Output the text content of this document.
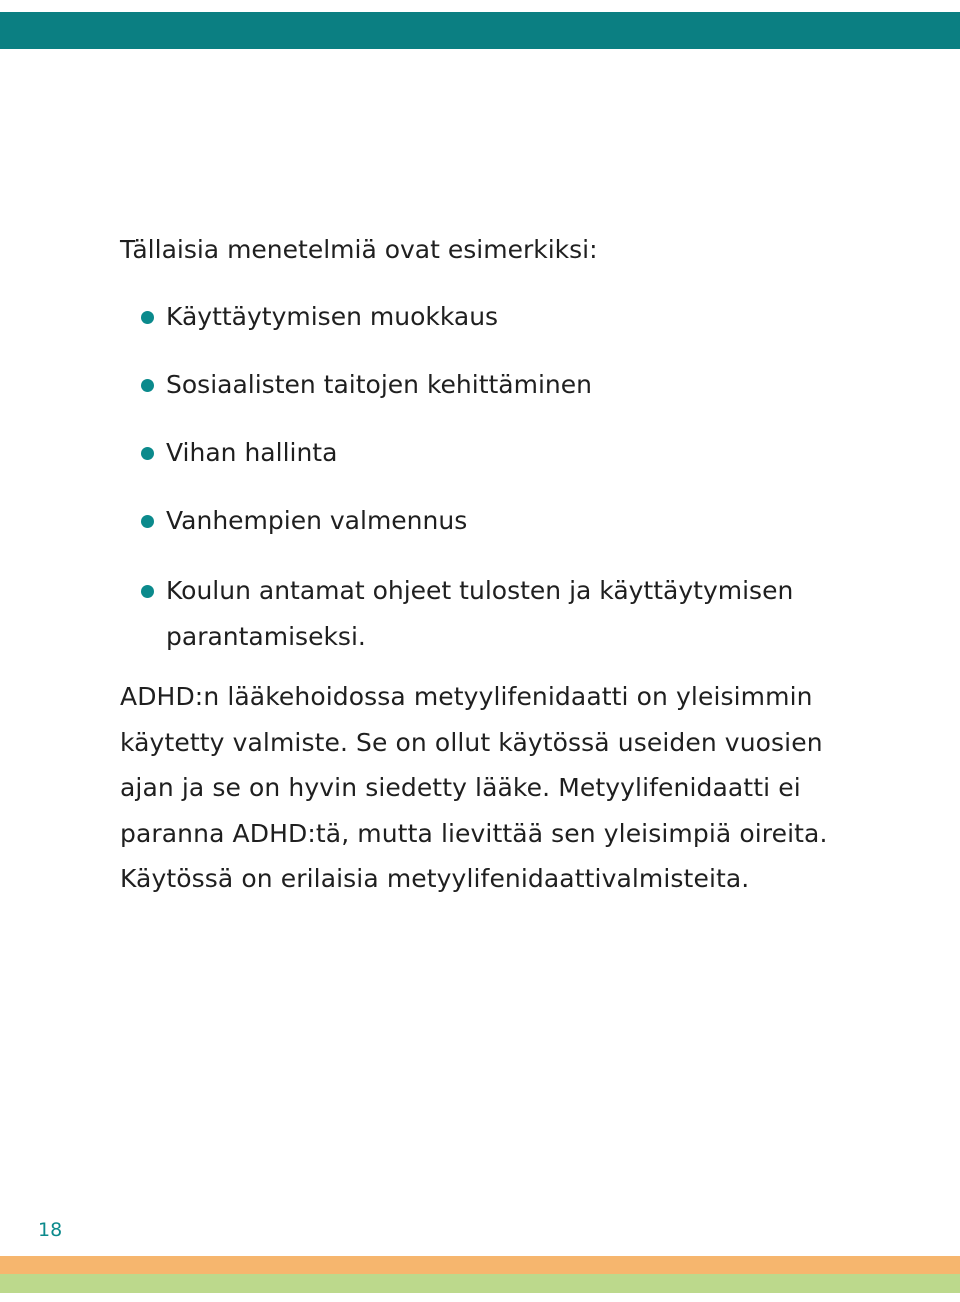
Tällaisia menetelmiä ovat esimerkiksi:

Käyttäytymisen muokkaus
Sosiaalisten taitojen kehittäminen
Vihan hallinta
Vanhempien valmennus
Koulun antamat ohjeet tulosten ja käyttäytymisen parantamiseksi.

ADHD:n lääkehoidossa metyylifenidaatti on yleisimmin
käytetty valmiste. Se on ollut käytössä useiden vuosien
ajan ja se on hyvin siedetty lääke. Metyylifenidaatti ei
paranna ADHD:tä, mutta lievittää sen yleisimpiä oireita.
Käytössä on erilaisia metyylifenidaattivalmisteita.

18
